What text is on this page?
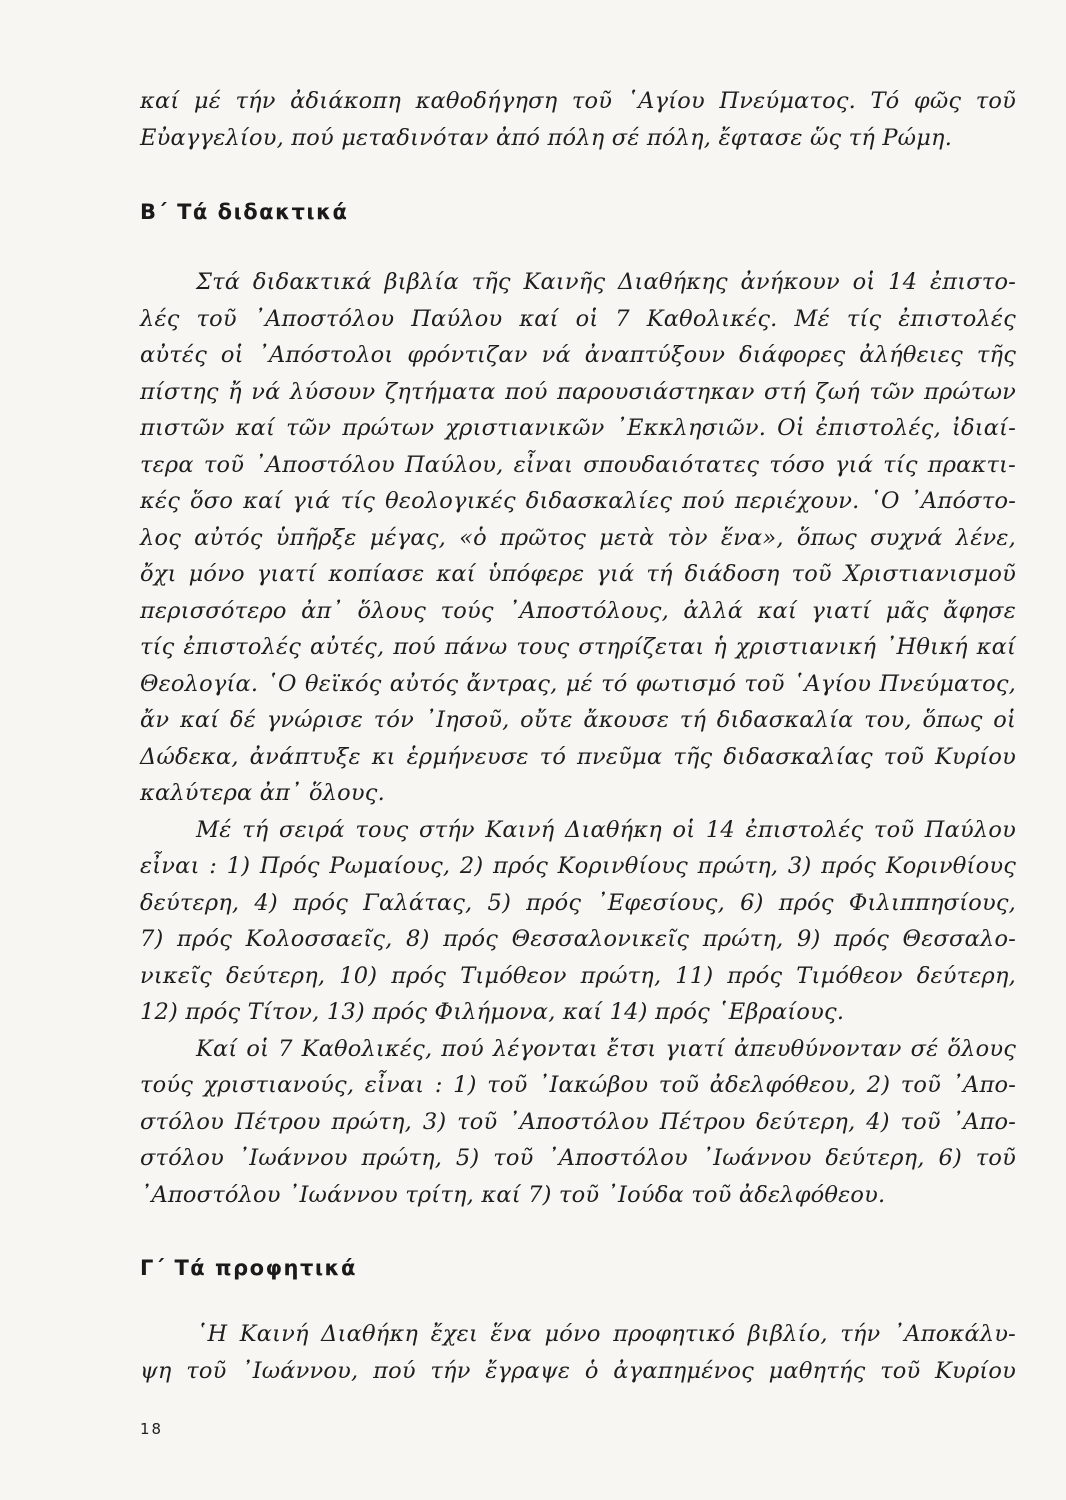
καί μέ τήν ἀδιάκοπη καθοδήγηση τοῦ ῾Αγίου Πνεύματος. Τό φῶς τοῦ
Εὐαγγελίου, πού μεταδινόταν ἀπό πόλη σέ πόλη, ἔφτασε ὥς τή Ρώμη.
Β΄ Τά διδακτικά
Στά διδακτικά βιβλία τῆς Καινῆς Διαθήκης ἀνήκουν οἱ 14 ἐπιστο-
λές τοῦ ᾿Αποστόλου Παύλου καί οἱ 7 Καθολικές. Μέ τίς ἐπιστολές
αὐτές οἱ ᾿Απόστολοι φρόντιζαν νά ἀναπτύξουν διάφορες ἀλήθειες τῆς
πίστης ἤ νά λύσουν ζητήματα πού παρουσιάστηκαν στή ζωή τῶν πρώτων
πιστῶν καί τῶν πρώτων χριστιανικῶν ᾿Εκκλησιῶν. Οἱ ἐπιστολές, ἰδιαί-
τερα τοῦ ᾿Αποστόλου Παύλου, εἶναι σπουδαιότατες τόσο γιά τίς πρακτι-
κές ὅσο καί γιά τίς θεολογικές διδασκαλίες πού περιέχουν. ῾Ο ᾿Απόστο-
λος αὐτός ὑπῆρξε μέγας, «ὁ πρῶτος μετὰ τὸν ἕνα», ὅπως συχνά λένε,
ὄχι μόνο γιατί κοπίασε καί ὑπόφερε γιά τή διάδοση τοῦ Χριστιανισμοῦ
περισσότερο ἀπ᾿ ὅλους τούς ᾿Αποστόλους, ἀλλά καί γιατί μᾶς ἄφησε
τίς ἐπιστολές αὐτές, πού πάνω τους στηρίζεται ἡ χριστιανική ᾿Ηθική καί
Θεολογία. ῾Ο θεϊκός αὐτός ἄντρας, μέ τό φωτισμό τοῦ ῾Αγίου Πνεύματος,
ἄν καί δέ γνώρισε τόν ᾿Ιησοῦ, οὔτε ἄκουσε τή διδασκαλία του, ὅπως οἱ
Δώδεκα, ἀνάπτυξε κι ἑρμήνευσε τό πνεῦμα τῆς διδασκαλίας τοῦ Κυρίου
καλύτερα ἀπ᾿ ὅλους.
Μέ τή σειρά τους στήν Καινή Διαθήκη οἱ 14 ἐπιστολές τοῦ Παύλου
εἶναι : 1) Πρός Ρωμαίους, 2) πρός Κορινθίους πρώτη, 3) πρός Κορινθίους
δεύτερη, 4) πρός Γαλάτας, 5) πρός ᾿Εφεσίους, 6) πρός Φιλιππησίους,
7) πρός Κολοσσαεῖς, 8) πρός Θεσσαλονικεῖς πρώτη, 9) πρός Θεσσαλο-
νικεῖς δεύτερη, 10) πρός Τιμόθεον πρώτη, 11) πρός Τιμόθεον δεύτερη,
12) πρός Τίτον, 13) πρός Φιλήμονα, καί 14) πρός ῾Εβραίους.
Καί οἱ 7 Καθολικές, πού λέγονται ἔτσι γιατί ἀπευθύνονταν σέ ὅλους
τούς χριστιανούς, εἶναι : 1) τοῦ ᾿Ιακώβου τοῦ ἀδελφόθεου, 2) τοῦ ᾿Απο-
στόλου Πέτρου πρώτη, 3) τοῦ ᾿Αποστόλου Πέτρου δεύτερη, 4) τοῦ ᾿Απο-
στόλου ᾿Ιωάννου πρώτη, 5) τοῦ ᾿Αποστόλου ᾿Ιωάννου δεύτερη, 6) τοῦ
᾿Αποστόλου ᾿Ιωάννου τρίτη, καί 7) τοῦ ᾿Ιούδα τοῦ ἀδελφόθεου.
Γ΄ Τά προφητικά
῾Η Καινή Διαθήκη ἔχει ἕνα μόνο προφητικό βιβλίο, τήν ᾿Αποκάλυ-
ψη τοῦ ᾿Ιωάννου, πού τήν ἔγραψε ὁ ἀγαπημένος μαθητής τοῦ Κυρίου
18
